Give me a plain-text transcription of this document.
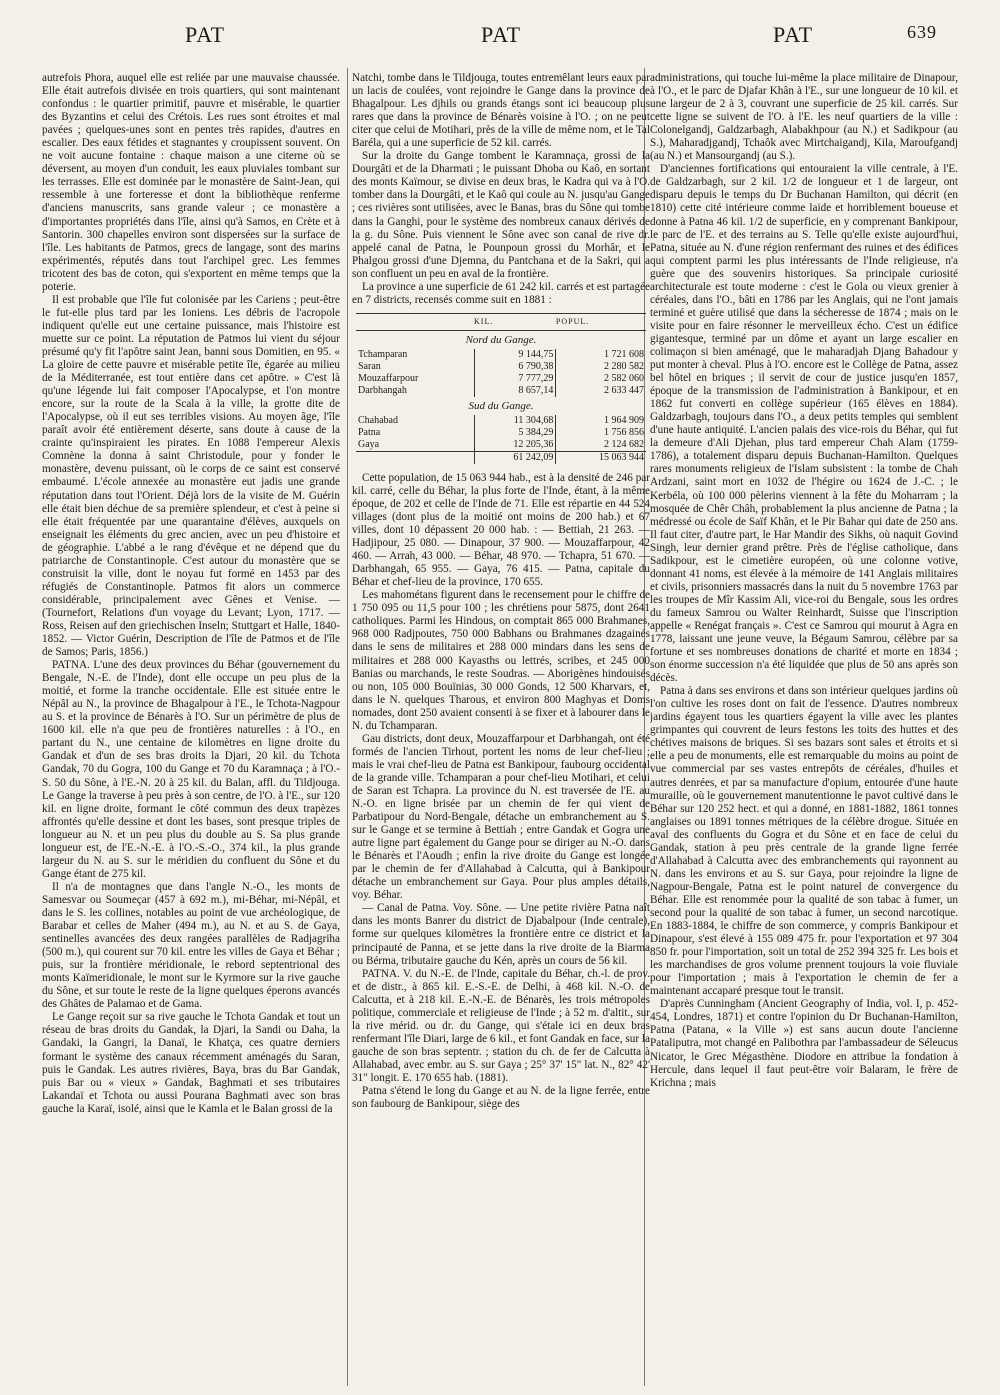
PAT	PAT	PAT	639

autrefois Phora, auquel elle est reliée par une mauvaise chaussée. Elle était autrefois divisée en trois quartiers, qui sont maintenant confondus : le quartier primitif, pauvre et misérable, le quartier des Byzantins et celui des Crétois. Les rues sont étroites et mal pavées ; quelques-unes sont en pentes très rapides, d'autres en escalier. Des eaux fétides et stagnantes y croupissent souvent. On ne voit aucune fontaine : chaque maison a une citerne où se déversent, au moyen d'un conduit, les eaux pluviales tombant sur les terrasses. Elle est dominée par le monastère de Saint-Jean, qui ressemble à une forteresse et dont la bibliothèque renferme d'anciens manuscrits, sans grande valeur ; ce monastère a d'importantes propriétés dans l'île, ainsi qu'à Samos, en Crète et à Santorin. 300 chapelles environ sont dispersées sur la surface de l'île. Les habitants de Patmos, grecs de langage, sont des marins expérimentés, réputés dans tout l'archipel grec. Les femmes tricotent des bas de coton, qui s'exportent en même temps que la poterie.

Il est probable que l'île fut colonisée par les Cariens ; peut-être le fut-elle plus tard par les Ioniens. Les débris de l'acropole indiquent qu'elle eut une certaine puissance, mais l'histoire est muette sur ce point. La réputation de Patmos lui vient du séjour présumé qu'y fit l'apôtre saint Jean, banni sous Domitien, en 95. « La gloire de cette pauvre et misérable petite île, égarée au milieu de la Méditerranée, est tout entière dans cet apôtre. » C'est là qu'une légende lui fait composer l'Apocalypse, et l'on montre encore, sur la route de la Scala à la ville, la grotte dite de l'Apocalypse, où il eut ses terribles visions. Au moyen âge, l'île paraît avoir été entièrement déserte, sans doute à cause de la crainte qu'inspiraient les pirates. En 1088 l'empereur Alexis Comnène la donna à saint Christodule, pour y fonder le monastère, devenu puissant, où le corps de ce saint est conservé embaumé. L'école annexée au monastère eut jadis une grande réputation dans tout l'Orient. Déjà lors de la visite de M. Guérin elle était bien déchue de sa première splendeur, et c'est à peine si elle était fréquentée par une quarantaine d'élèves, auxquels on enseignait les éléments du grec ancien, avec un peu d'histoire et de géographie. L'abbé a le rang d'évêque et ne dépend que du patriarche de Constantinople. C'est autour du monastère que se construisit la ville, dont le noyau fut formé en 1453 par des réfugiés de Constantinople. Patmos fit alors un commerce considérable, principalement avec Gênes et Venise. — (Tournefort, Relations d'un voyage du Levant; Lyon, 1717. — Ross, Reisen auf den griechischen Inseln; Stuttgart et Halle, 1840-1852. — Victor Guérin, Description de l'île de Patmos et de l'île de Samos; Paris, 1856.)

PATNA. L'une des deux provinces du Béhar (gouvernement du Bengale, N.-E. de l'Inde), dont elle occupe un peu plus de la moitié, et forme la tranche occidentale. Elle est située entre le Népâl au N., la province de Bhagalpour à l'E., le Tchota-Nagpour au S. et la province de Bénarès à l'O. Sur un périmètre de plus de 1600 kil. elle n'a que peu de frontières naturelles : à l'O., en partant du N., une centaine de kilomètres en ligne droite du Gandak et d'un de ses bras droits la Djari, 20 kil. du Tchota Gandak, 70 du Gogra, 100 du Gange et 70 du Karamnaça ; à l'O.-S. 50 du Sône, à l'E.-N. 20 à 25 kil. du Balan, affl. du Tildjouga. Le Gange la traverse à peu près à son centre, de l'O. à l'E., sur 120 kil. en ligne droite, formant le côté commun des deux trapèzes affrontés qu'elle dessine et dont les bases, sont presque triples de longueur au N. et un peu plus du double au S. Sa plus grande longueur est, de l'E.-N.-E. à l'O.-S.-O., 374 kil., la plus grande largeur du N. au S. sur le méridien du confluent du Sône et du Gange étant de 275 kil.

Il n'a de montagnes que dans l'angle N.-O., les monts de Samesvar ou Soumeçar (457 à 692 m.), mi-Béhar, mi-Népâl, et dans le S. les collines, notables au point de vue archéologique, de Barabar et celles de Maher (494 m.), au N. et au S. de Gaya, sentinelles avancées des deux rangées parallèles de Radjagriha (500 m.), qui courent sur 70 kil. entre les villes de Gaya et Béhar ; puis, sur la frontière méridionale, le rebord septentrional des monts Kaïmeridionale, le mont sur le Kyrmore sur la rive gauche du Sône, et sur toute le reste de la ligne quelques éperons avancés des Ghâtes de Palamao et de Gama.

Le Gange reçoit sur sa rive gauche le Tchota Gandak et tout un réseau de bras droits du Gandak, la Djari, la Sandi ou Daha, la Gandaki, la Gangri, la Danaï, le Khatça, ces quatre derniers formant le système des canaux récemment aménagés du Saran, puis le Gandak. Les autres rivières, Baya, bras du Bar Gandak, puis Bar ou « vieux » Gandak, Baghmati et ses tributaires Lakandaï et Tchota ou aussi Pourana Baghmati avec son bras gauche la Karaï, isolé, ainsi que le Kamla et le Balan grossi de la

Natchi, tombe dans le Tildjouga, toutes entremêlant leurs eaux par un lacis de coulées, vont rejoindre le Gange dans la province de Bhagalpour. Les djhils ou grands étangs sont ici beaucoup plus rares que dans la province de Bénarès voisine à l'O. ; on ne peut citer que celui de Motihari, près de la ville de même nom, et le Tal Baréla, qui a une superficie de 52 kil. carrés.

Sur la droite du Gange tombent le Karamnaça, grossi de la Dourgâti et de la Dharmati ; le puissant Dhoba ou Kaô, en sortant des monts Kaïmour, se divise en deux bras, le Kadra qui va à l'O. tomber dans la Dourgâti, et le Kaô qui coule au N. jusqu'au Gange ; ces rivières sont utilisées, avec le Banas, bras du Sône qui tombe dans la Ganghi, pour le système des nombreux canaux dérivés de la g. du Sône. Puis viennent le Sône avec son canal de rive dr. appelé canal de Patna, le Pounpoun grossi du Morhâr, et le Phalgou grossi d'une Djemna, du Pantchana et de la Sakri, qui a son confluent un peu en aval de la frontière.

La province a une superficie de 61 242 kil. carrés et est partagée en 7 districts, recensés comme suit en 1881 :

	KIL.	POPUL.
Nord du Gange.		
Tchamparan	9 144,75	1 721 608
Saran	6 790,38	2 280 582
Mouzaffarpour	7 777,29	2 582 060
Darbhangah	8 657,14	2 633 447
Sud du Gange.		
Chahabad	11 304,68	1 964 909
Patna	5 384,29	1 756 856
Gaya	12 205,36	2 124 682
	61 242,09	15 063 944

Cette population, de 15 063 944 hab., est à la densité de 246 par kil. carré, celle du Béhar, la plus forte de l'Inde, étant, à la même époque, de 202 et celle de l'Inde de 71. Elle est répartie en 44 524 villages (dont plus de la moitié ont moins de 200 hab.) et 67 villes, dont 10 dépassent 20 000 hab. : — Bettiah, 21 263. — Hadjipour, 25 080. — Dinapour, 37 900. — Mouzaffarpour, 42 460. — Arrah, 43 000. — Béhar, 48 970. — Tchapra, 51 670. — Darbhangah, 65 955. — Gaya, 76 415. — Patna, capitale du Béhar et chef-lieu de la province, 170 655.

Les mahométans figurent dans le recensement pour le chiffre de 1 750 095 ou 11,5 pour 100 ; les chrétiens pour 5875, dont 2641 catholiques. Parmi les Hindous, on comptait 865 000 Brahmanes, 968 000 Radjpoutes, 750 000 Babhans ou Brahmanes dzagainés dans le sens de militaires et 288 000 mindars dans les sens de militaires et 288 000 Kayasths ou lettrés, scribes, et 245 000 Banias ou marchands, le reste Soudras. — Aborigènes hindouisés ou non, 105 000 Bouïnias, 30 000 Gonds, 12 500 Kharvars, et, dans le N. quelques Tharous, et environ 800 Maghyas et Doms nomades, dont 250 avaient consenti à se fixer et à labourer dans le N. du Tchamparan.

Gau districts, dont deux, Mouzaffarpour et Darbhangah, ont été formés de l'ancien Tirhout, portent les noms de leur chef-lieu ; mais le vrai chef-lieu de Patna est Bankipour, faubourg occidental de la grande ville. Tchamparan a pour chef-lieu Motihari, et celui de Saran est Tchapra. La province du N. est traversée de l'E. au N.-O. en ligne brisée par un chemin de fer qui vient de Parbatipour du Nord-Bengale, détache un embranchement au S. sur le Gange et se termine à Bettiah ; entre Gandak et Gogra une autre ligne part également du Gange pour se diriger au N.-O. dans le Bénarès et l'Aoudh ; enfin la rive droite du Gange est longée par le chemin de fer d'Allahabad à Calcutta, qui à Bankipour détache un embranchement sur Gaya. Pour plus amples détails, voy. Béhar.

— Canal de Patna. Voy. Sône. — Une petite rivière Patna naît dans les monts Banrer du district de Djabalpour (Inde centrale), forme sur quelques kilomètres la frontière entre ce district et la principauté de Panna, et se jette dans la rive droite de la Biarma ou Bérma, tributaire gauche du Kén, après un cours de 56 kil.

PATNA. V. du N.-E. de l'Inde, capitale du Béhar, ch.-l. de prov. et de distr., à 865 kil. E.-S.-E. de Delhi, à 468 kil. N.-O. de Calcutta, et à 218 kil. E.-N.-E. de Bénarès, les trois métropoles politique, commerciale et religieuse de l'Inde ; à 52 m. d'altit., sur la rive mérid. ou dr. du Gange, qui s'étale ici en deux bras renfermant l'île Diari, large de 6 kil., et font Gandak en face, sur la gauche de son bras septentr. ; station du ch. de fer de Calcutta à Allahabad, avec embr. au S. sur Gaya ; 25° 37' 15" lat. N., 82° 42' 31" longit. E. 170 655 hab. (1881).

Patna s'étend le long du Gange et au N. de la ligne ferrée, entre son faubourg de Bankipour, siège des

administrations, qui touche lui-même la place militaire de Dinapour, à l'O., et le parc de Djafar Khân à l'E., sur une longueur de 10 kil. et une largeur de 2 à 3, couvrant une superficie de 25 kil. carrés. Sur cette ligne se suivent de l'O. à l'E. les neuf quartiers de la ville : Colonelgandj, Galdzarbagh, Alabakhpour (au N.) et Sadikpour (au S.), Maharadjgandj, Tchaôk avec Mirtchaigandj, Kila, Maroufgandj (au N.) et Mansourgandj (au S.).

D'anciennes fortifications qui entouraient la ville centrale, à l'E. de Galdzarbagh, sur 2 kil. 1/2 de longueur et 1 de largeur, ont disparu depuis le temps du Dr Buchanan Hamilton, qui décrit (en 1810) cette cité intérieure comme laide et horriblement boueuse et donne à Patna 46 kil. 1/2 de superficie, en y comprenant Bankipour, le parc de l'E. et des terrains au S. Telle qu'elle existe aujourd'hui, Patna, située au N. d'une région renfermant des ruines et des édifices qui comptent parmi les plus intéressants de l'Inde religieuse, n'a guère que des souvenirs historiques. Sa principale curiosité architecturale est toute moderne : c'est le Gola ou vieux grenier à céréales, dans l'O., bâti en 1786 par les Anglais, qui ne l'ont jamais terminé et guère utilisé que dans la sécheresse de 1874 ; mais on le visite pour en faire résonner le merveilleux écho. C'est un édifice gigantesque, terminé par un dôme et ayant un large escalier en colimaçon si bien aménagé, que le maharadjah Djang Bahadour y put monter à cheval. Plus à l'O. encore est le Collège de Patna, assez bel hôtel en briques ; il servit de cour de justice jusqu'en 1857, époque de la transmission de l'administration à Bankipour, et en 1862 fut converti en collège supérieur (165 élèves en 1884). Galdzarbagh, toujours dans l'O., a deux petits temples qui semblent d'une haute antiquité. L'ancien palais des vice-rois du Béhar, qui fut la demeure d'Ali Djehan, plus tard empereur Chah Alam (1759-1786), a totalement disparu depuis Buchanan-Hamilton. Quelques rares monuments religieux de l'Islam subsistent : la tombe de Chah Ardzani, saint mort en 1032 de l'hégire ou 1624 de J.-C. ; le Kerbéla, où 100 000 pèlerins viennent à la fête du Moharram ; la mosquée de Chêr Châh, probablement la plus ancienne de Patna ; la médressé ou école de Saïf Khân, et le Pir Bahar qui date de 250 ans. Il faut citer, d'autre part, le Har Mandir des Sikhs, où naquit Govind Singh, leur dernier grand prêtre. Près de l'église catholique, dans Sadikpour, est le cimetière européen, où une colonne votive, donnant 41 noms, est élevée à la mémoire de 141 Anglais militaires et civils, prisonniers massacrés dans la nuit du 5 novembre 1763 par les troupes de Mîr Kassim Ali, vice-roi du Bengale, sous les ordres du fameux Samrou ou Walter Reinhardt, Suisse que l'inscription appelle « Renégat français ». C'est ce Samrou qui mourut à Agra en 1778, laissant une jeune veuve, la Bégaum Samrou, célèbre par sa fortune et ses nombreuses donations de charité et morte en 1834 ; son énorme succession n'a été liquidée que plus de 50 ans après son décès.

Patna à dans ses environs et dans son intérieur quelques jardins où l'on cultive les roses dont on fait de l'essence. D'autres nombreux jardins égayent tous les quartiers égayent la ville avec les plantes grimpantes qui couvrent de leurs festons les toits des huttes et des chétives maisons de briques. Si ses bazars sont sales et étroits et si elle a peu de monuments, elle est remarquable du moins au point de vue commercial par ses vastes entrepôts de céréales, d'huiles et autres denrées, et par sa manufacture d'opium, entourée d'une haute muraille, où le gouvernement manutentionne le pavot cultivé dans le Béhar sur 120 252 hect. et qui a donné, en 1881-1882, 1861 tonnes anglaises ou 1891 tonnes métriques de la célèbre drogue. Située en aval des confluents du Gogra et du Sône et en face de celui du Gandak, station à peu près centrale de la grande ligne ferrée d'Allahabad à Calcutta avec des embranchements qui rayonnent au N. dans les environs et au S. sur Gaya, pour rejoindre la ligne de Nagpour-Bengale, Patna est le point naturel de convergence du Béhar. Elle est renommée pour la qualité de son tabac à fumer, un second pour la qualité de son tabac à fumer, un second narcotique. En 1883-1884, le chiffre de son commerce, y compris Bankipour et Dinapour, s'est élevé à 155 089 475 fr. pour l'exportation et 97 304 850 fr. pour l'importation, soit un total de 252 394 325 fr. Les bois et les marchandises de gros volume prennent toujours la voie fluviale pour l'importation ; mais à l'exportation le chemin de fer a maintenant accaparé presque tout le transit.

D'après Cunningham (Ancient Geography of India, vol. I, p. 452-454, Londres, 1871) et contre l'opinion du Dr Buchanan-Hamilton, Patna (Patana, « la Ville ») est sans aucun doute l'ancienne Pataliputra, mot changé en Palibothra par l'ambassadeur de Séleucus Nicator, le Grec Mégasthène. Diodore en attribue la fondation à Hercule, dans lequel il faut peut-être voir Balaram, le frère de Krichna ; mais
